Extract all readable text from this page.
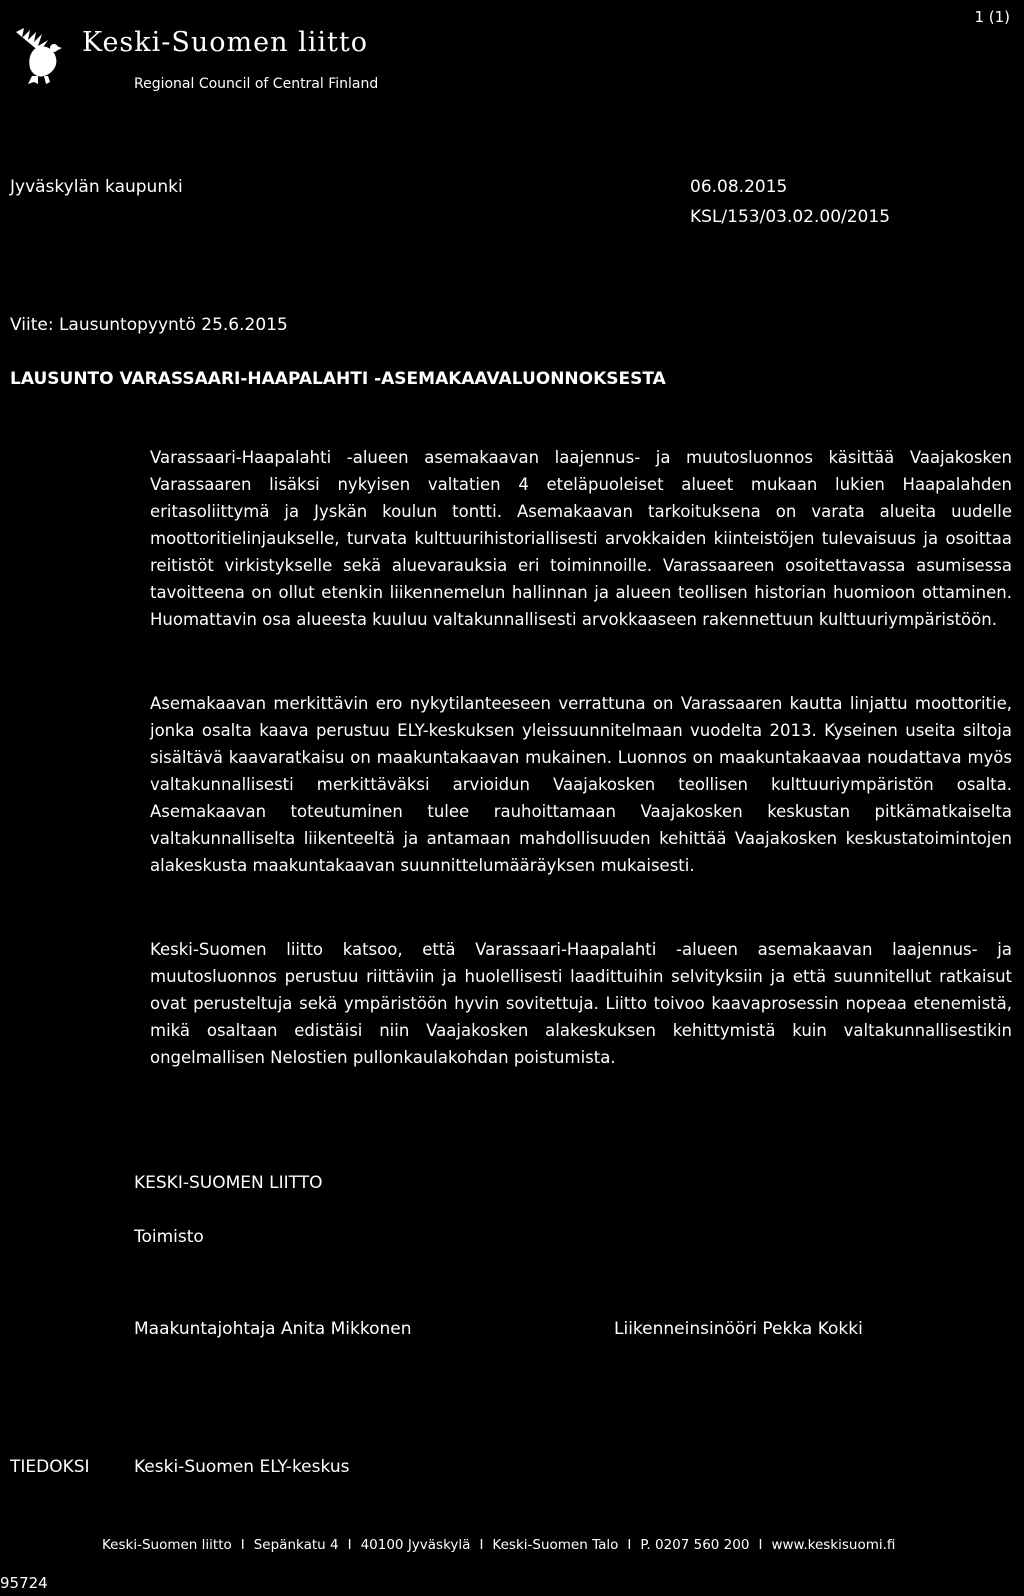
Keski-Suomen liitto
Regional Council of Central Finland
1 (1)
Jyväskylän kaupunki	06.08.2015
KSL/153/03.02.00/2015
Viite: Lausuntopyyntö 25.6.2015
LAUSUNTO VARASSAARI-HAAPALAHTI -ASEMAKAAVALUONNOKSESTA

Varassaari-Haapalahti -alueen asemakaavan laajennus- ja muutosluonnos käsittää Vaajakosken Varassaaren lisäksi nykyisen valtatien 4 eteläpuoleiset alueet mukaan lukien Haapalahden eritasoliittymä ja Jyskän koulun tontti. Asemakaavan tarkoituksena on varata alueita uudelle moottoritielinjaukselle, turvata kulttuurihistoriallisesti arvokkaiden kiinteistöjen tulevaisuus ja osoittaa reitistöt virkistykselle sekä aluevarauksia eri toiminnoille. Varassaareen osoitettavassa asumisessa tavoitteena on ollut etenkin liikennemelun hallinnan ja alueen teollisen historian huomioon ottaminen. Huomattavin osa alueesta kuuluu valtakunnallisesti arvokkaaseen rakennettuun kulttuuriympäristöön.

Asemakaavan merkittävin ero nykytilanteeseen verrattuna on Varassaaren kautta linjattu moottoritie, jonka osalta kaava perustuu ELY-keskuksen yleissuunnitelmaan vuodelta 2013. Kyseinen useita siltoja sisältävä kaavaratkaisu on maakuntakaavan mukainen. Luonnos on maakuntakaavaa noudattava myös valtakunnallisesti merkittäväksi arvioidun Vaajakosken teollisen kulttuuriympäristön osalta. Asemakaavan toteutuminen tulee rauhoittamaan Vaajakosken keskustan pitkämatkaiselta valtakunnalliselta liikenteeltä ja antamaan mahdollisuuden kehittää Vaajakosken keskustatoimintojen alakeskusta maakuntakaavan suunnittelumääräyksen mukaisesti.

Keski-Suomen liitto katsoo, että Varassaari-Haapalahti -alueen asemakaavan laajennus- ja muutosluonnos perustuu riittäviin ja huolellisesti laadittuihin selvityksiin ja että suunnitellut ratkaisut ovat perusteltuja sekä ympäristöön hyvin sovitettuja. Liitto toivoo kaavaprosessin nopeaa etenemistä, mikä osaltaan edistäisi niin Vaajakosken alakeskuksen kehittymistä kuin valtakunnallisestikin ongelmallisen Nelostien pullonkaulakohdan poistumista.

KESKI-SUOMEN LIITTO
Toimisto
Maakuntajohtaja Anita Mikkonen	Liikenneinsinööri Pekka Kokki
TIEDOKSI	Keski-Suomen ELY-keskus
Keski-Suomen liitto I Sepänkatu 4 I 40100 Jyväskylä I Keski-Suomen Talo I P. 0207 560 200 I www.keskisuomi.fi
95724
